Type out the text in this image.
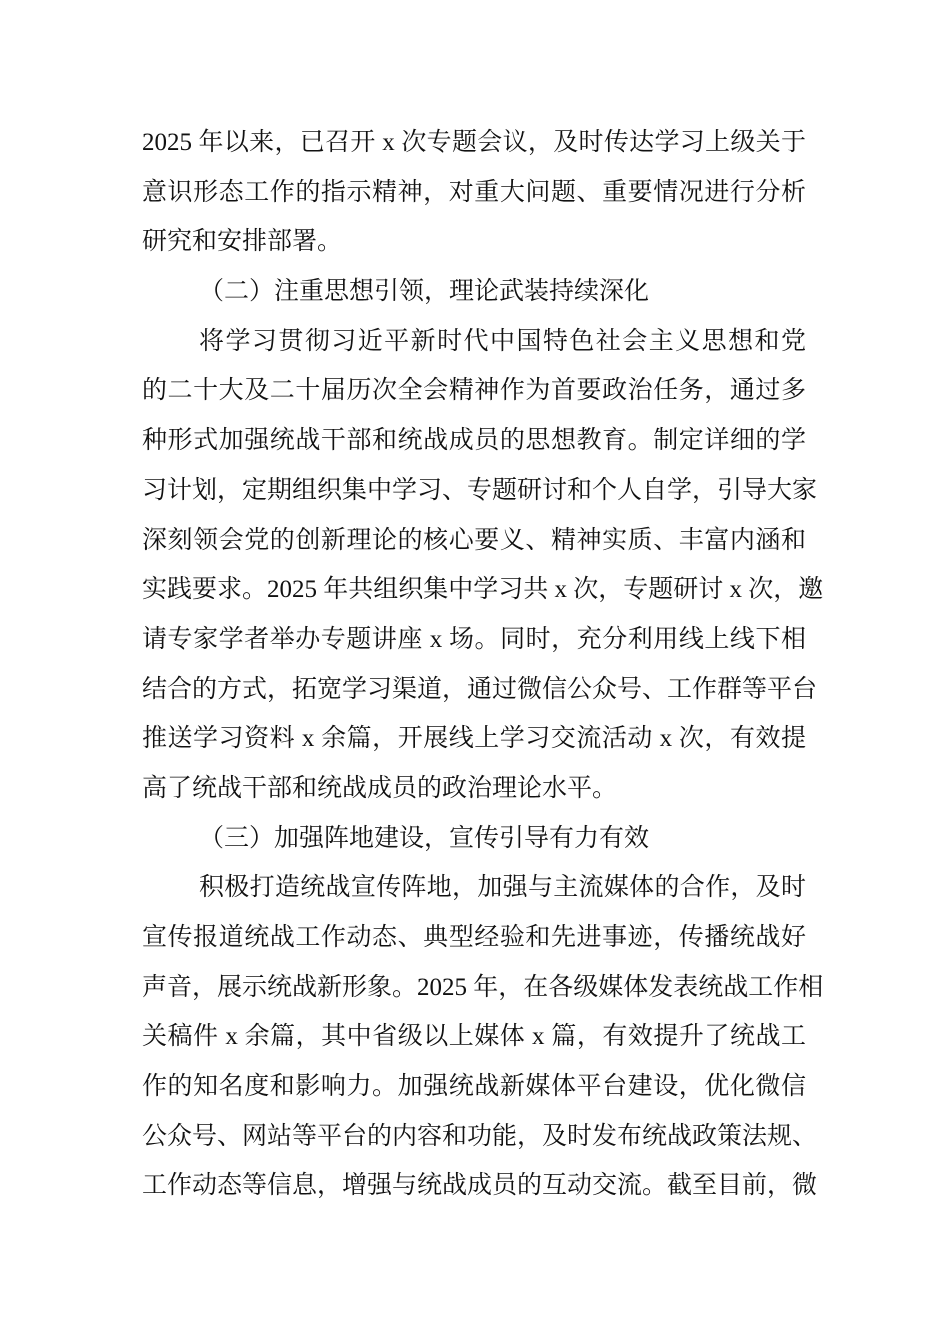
2025 年以来，已召开 x 次专题会议，及时传达学习上级关于
意识形态工作的指示精神，对重大问题、重要情况进行分析
研究和安排部署。
（二）注重思想引领，理论武装持续深化
将学习贯彻习近平新时代中国特色社会主义思想和党
的二十大及二十届历次全会精神作为首要政治任务，通过多
种形式加强统战干部和统战成员的思想教育。制定详细的学
习计划，定期组织集中学习、专题研讨和个人自学，引导大家
深刻领会党的创新理论的核心要义、精神实质、丰富内涵和
实践要求。2025 年共组织集中学习共 x 次，专题研讨 x 次，邀
请专家学者举办专题讲座 x 场。同时，充分利用线上线下相
结合的方式，拓宽学习渠道，通过微信公众号、工作群等平台
推送学习资料 x 余篇，开展线上学习交流活动 x 次，有效提
高了统战干部和统战成员的政治理论水平。
（三）加强阵地建设，宣传引导有力有效
积极打造统战宣传阵地，加强与主流媒体的合作，及时
宣传报道统战工作动态、典型经验和先进事迹，传播统战好
声音，展示统战新形象。2025 年，在各级媒体发表统战工作相
关稿件 x 余篇，其中省级以上媒体 x 篇，有效提升了统战工
作的知名度和影响力。加强统战新媒体平台建设，优化微信
公众号、网站等平台的内容和功能，及时发布统战政策法规、
工作动态等信息，增强与统战成员的互动交流。截至目前，微
